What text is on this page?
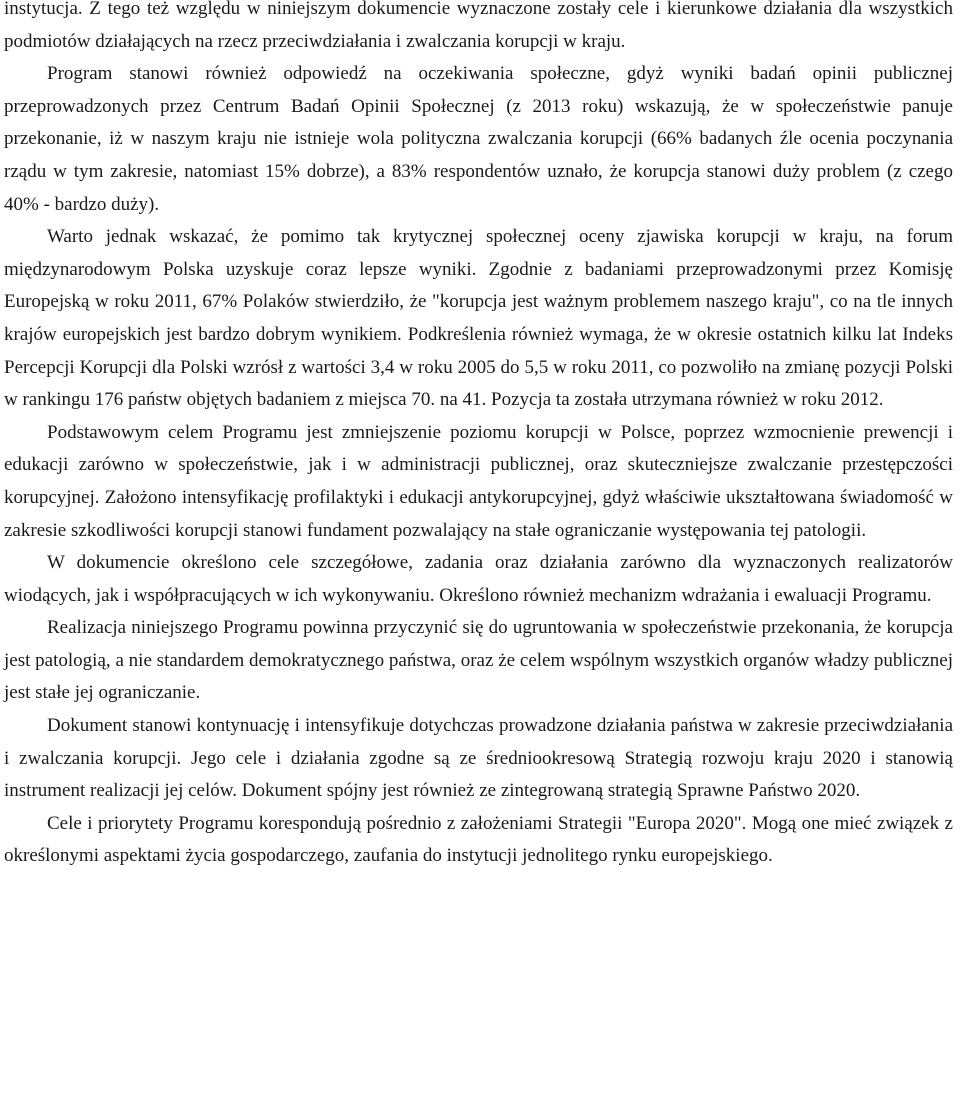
instytucja. Z tego też względu w niniejszym dokumencie wyznaczone zostały cele i kierunkowe działania dla wszystkich podmiotów działających na rzecz przeciwdziałania i zwalczania korupcji w kraju.

Program stanowi również odpowiedź na oczekiwania społeczne, gdyż wyniki badań opinii publicznej przeprowadzonych przez Centrum Badań Opinii Społecznej (z 2013 roku) wskazują, że w społeczeństwie panuje przekonanie, iż w naszym kraju nie istnieje wola polityczna zwalczania korupcji (66% badanych źle ocenia poczynania rządu w tym zakresie, natomiast 15% dobrze), a 83% respondentów uznało, że korupcja stanowi duży problem (z czego 40% - bardzo duży).

Warto jednak wskazać, że pomimo tak krytycznej społecznej oceny zjawiska korupcji w kraju, na forum międzynarodowym Polska uzyskuje coraz lepsze wyniki. Zgodnie z badaniami przeprowadzonymi przez Komisję Europejską w roku 2011, 67% Polaków stwierdziło, że "korupcja jest ważnym problemem naszego kraju", co na tle innych krajów europejskich jest bardzo dobrym wynikiem. Podkreślenia również wymaga, że w okresie ostatnich kilku lat Indeks Percepcji Korupcji dla Polski wzrósł z wartości 3,4 w roku 2005 do 5,5 w roku 2011, co pozwoliło na zmianę pozycji Polski w rankingu 176 państw objętych badaniem z miejsca 70. na 41. Pozycja ta została utrzymana również w roku 2012.

Podstawowym celem Programu jest zmniejszenie poziomu korupcji w Polsce, poprzez wzmocnienie prewencji i edukacji zarówno w społeczeństwie, jak i w administracji publicznej, oraz skuteczniejsze zwalczanie przestępczości korupcyjnej. Założono intensyfikację profilaktyki i edukacji antykorupcyjnej, gdyż właściwie ukształtowana świadomość w zakresie szkodliwości korupcji stanowi fundament pozwalający na stałe ograniczanie występowania tej patologii.

W dokumencie określono cele szczegółowe, zadania oraz działania zarówno dla wyznaczonych realizatorów wiodących, jak i współpracujących w ich wykonywaniu. Określono również mechanizm wdrażania i ewaluacji Programu.

Realizacja niniejszego Programu powinna przyczynić się do ugruntowania w społeczeństwie przekonania, że korupcja jest patologią, a nie standardem demokratycznego państwa, oraz że celem wspólnym wszystkich organów władzy publicznej jest stałe jej ograniczanie.

Dokument stanowi kontynuację i intensyfikuje dotychczas prowadzone działania państwa w zakresie przeciwdziałania i zwalczania korupcji. Jego cele i działania zgodne są ze średniookresową Strategią rozwoju kraju 2020 i stanowią instrument realizacji jej celów. Dokument spójny jest również ze zintegrowaną strategią Sprawne Państwo 2020.

Cele i priorytety Programu korespondują pośrednio z założeniami Strategii "Europa 2020". Mogą one mieć związek z określonymi aspektami życia gospodarczego, zaufania do instytucji jednolitego rynku europejskiego.
